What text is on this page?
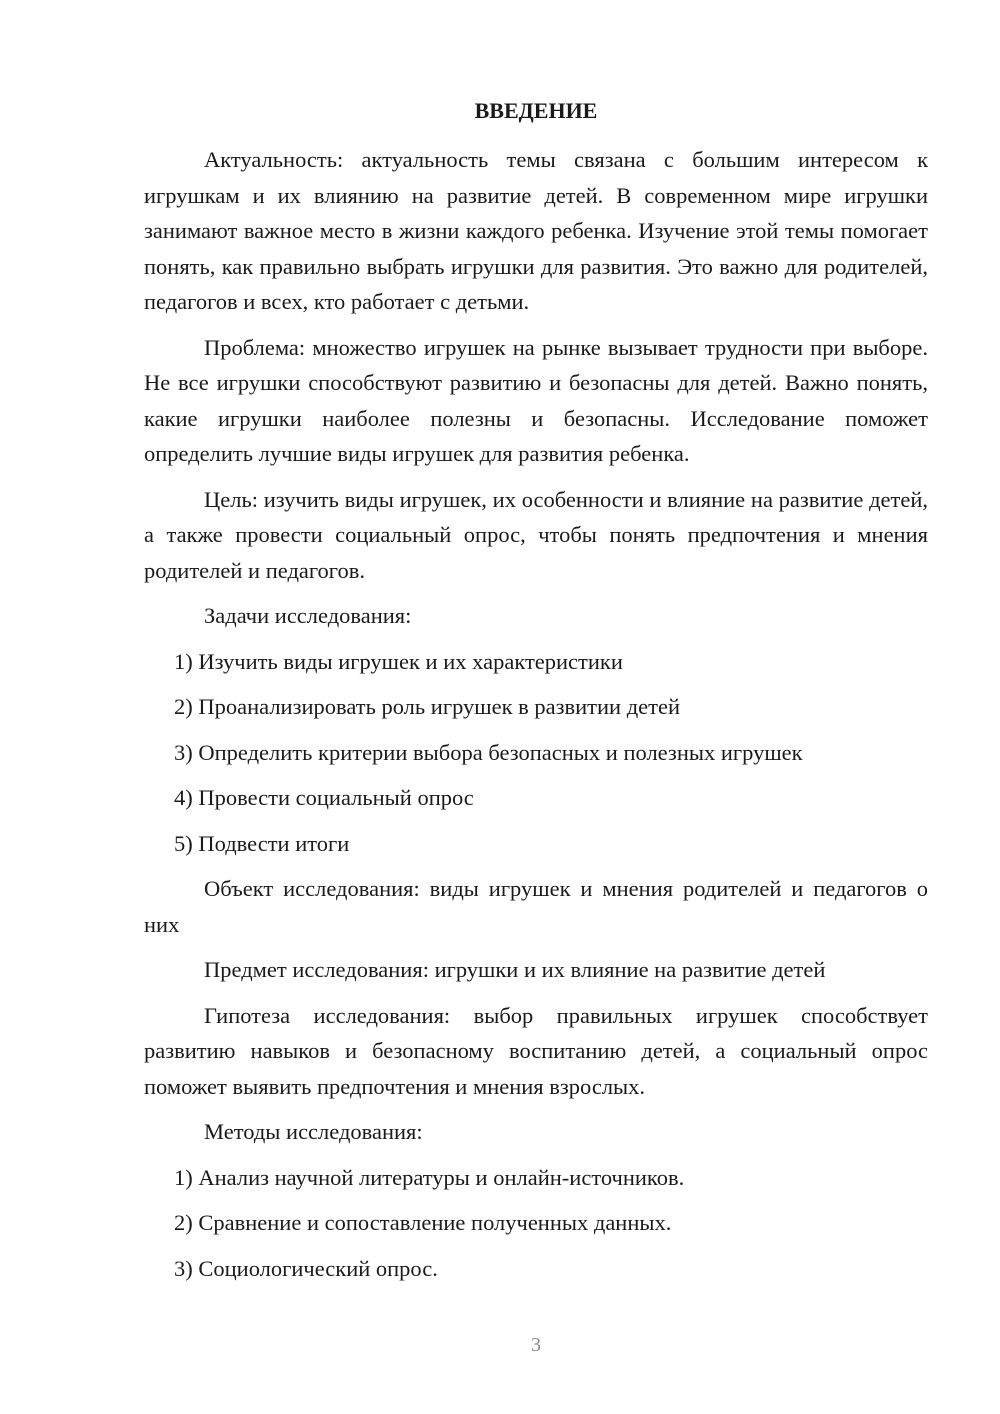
ВВЕДЕНИЕ

Актуальность: актуальность темы связана с большим интересом к игрушкам и их влиянию на развитие детей. В современном мире игрушки занимают важное место в жизни каждого ребенка. Изучение этой темы помогает понять, как правильно выбрать игрушки для развития. Это важно для родителей, педагогов и всех, кто работает с детьми.

Проблема: множество игрушек на рынке вызывает трудности при выборе. Не все игрушки способствуют развитию и безопасны для детей. Важно понять, какие игрушки наиболее полезны и безопасны. Исследование поможет определить лучшие виды игрушек для развития ребенка.

Цель: изучить виды игрушек, их особенности и влияние на развитие детей, а также провести социальный опрос, чтобы понять предпочтения и мнения родителей и педагогов.

Задачи исследования:

1) Изучить виды игрушек и их характеристики

2) Проанализировать роль игрушек в развитии детей

3) Определить критерии выбора безопасных и полезных игрушек

4) Провести социальный опрос

5) Подвести итоги

Объект исследования: виды игрушек и мнения родителей и педагогов о них

Предмет исследования: игрушки и их влияние на развитие детей

Гипотеза исследования: выбор правильных игрушек способствует развитию навыков и безопасному воспитанию детей, а социальный опрос поможет выявить предпочтения и мнения взрослых.

Методы исследования:

1) Анализ научной литературы и онлайн-источников.

2) Сравнение и сопоставление полученных данных.

3) Социологический опрос.

3
